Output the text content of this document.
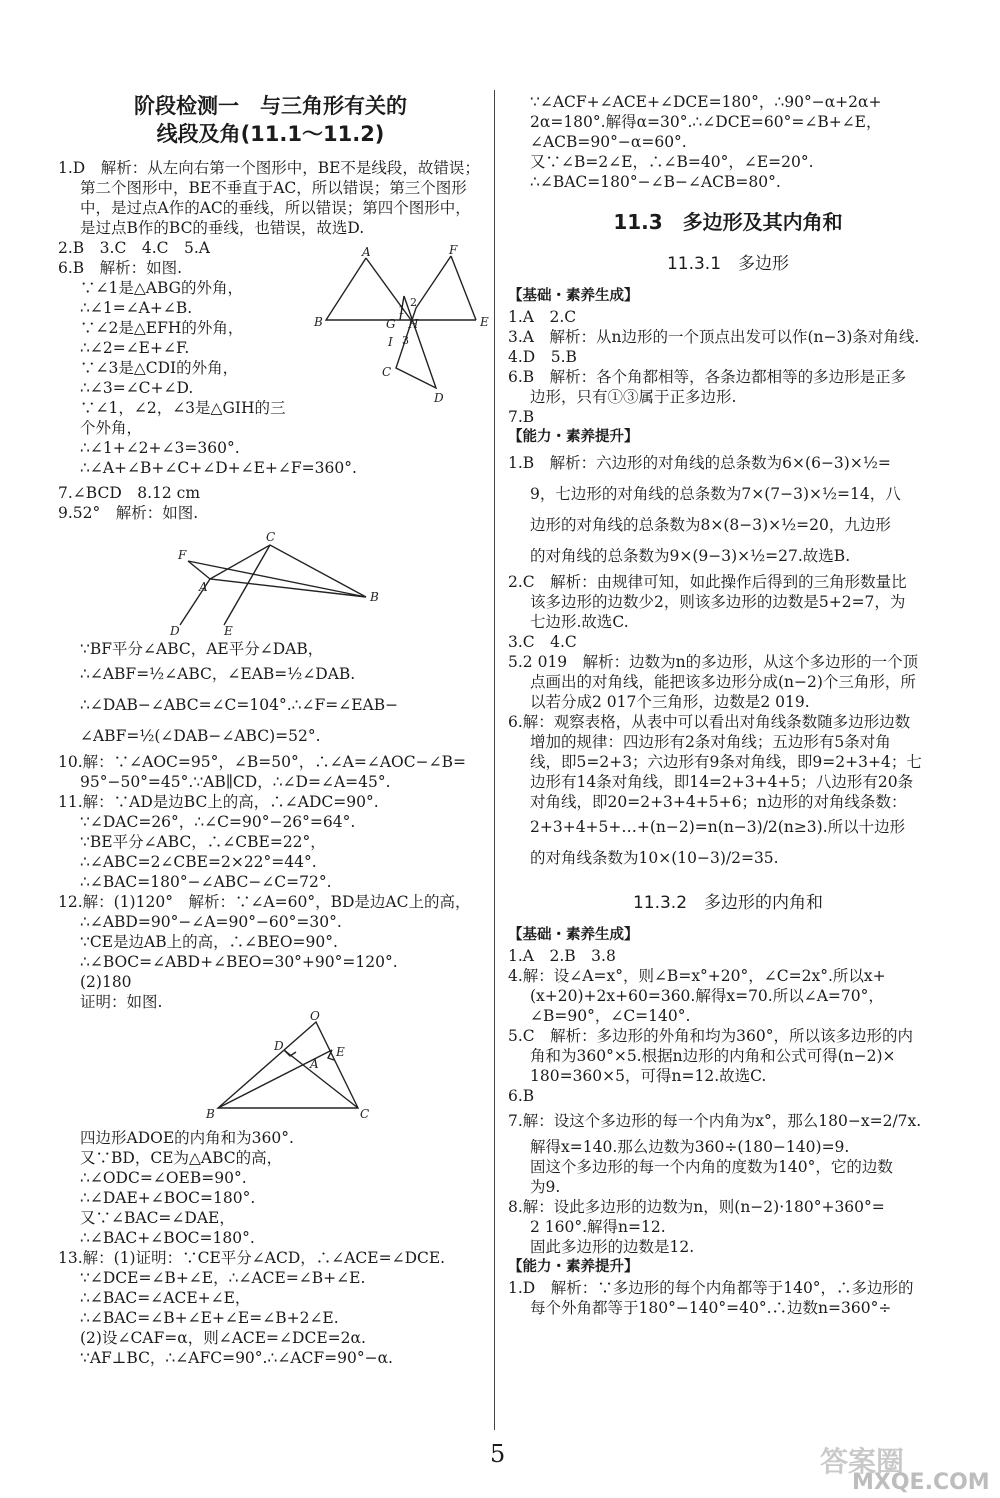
阶段检测一　与三角形有关的
线段及角(11.1～11.2)
1.D　解析：从左向右第一个图形中，BE不是线段，故错误；
第二个图形中，BE不垂直于AC，所以错误；第三个图形
中，是过点A作的AC的垂线，所以错误；第四个图形中，
是过点B作的BC的垂线，也错误，故选D.
2.B　3.C　4.C　5.A
6.B　解析：如图.
∵∠1是△ABG的外角，
∴∠1=∠A+∠B.
∵∠2是△EFH的外角，
∴∠2=∠E+∠F.
∵∠3是△CDI的外角，
∴∠3=∠C+∠D.
∵∠1，∠2，∠3是△GIH的三
个外角，
∴∠1+∠2+∠3=360°.
∴∠A+∠B+∠C+∠D+∠E+∠F=360°.
A	F
B	G H	E
I
C
D
1
2
3
7.∠BCD　8.12 cm
9.52°　解析：如图.
F
C
A
B
D	E
∵BF平分∠ABC，AE平分∠DAB，
∴∠ABF=½∠ABC，∠EAB=½∠DAB.
∴∠DAB−∠ABC=∠C=104°.∴∠F=∠EAB−
∠ABF=½(∠DAB−∠ABC)=52°.
10.解：∵∠AOC=95°，∠B=50°，∴∠A=∠AOC−∠B=
95°−50°=45°.∵AB∥CD，∴∠D=∠A=45°.
11.解：∵AD是边BC上的高，∴∠ADC=90°.
∵∠DAC=26°，∴∠C=90°−26°=64°.
∵BE平分∠ABC，∴∠CBE=22°，
∴∠ABC=2∠CBE=2×22°=44°.
∴∠BAC=180°−∠ABC−∠C=72°.
12.解：(1)120°　解析：∵∠A=60°，BD是边AC上的高，
∴∠ABD=90°−∠A=90°−60°=30°.
∵CE是边AB上的高，∴∠BEO=90°.
∴∠BOC=∠ABD+∠BEO=30°+90°=120°.
(2)180
证明：如图.
O
D
A
E
B	C
四边形ADOE的内角和为360°.
又∵BD，CE为△ABC的高，
∴∠ODC=∠OEB=90°.
∴∠DAE+∠BOC=180°.
又∵∠BAC=∠DAE，
∴∠BAC+∠BOC=180°.
13.解：(1)证明：∵CE平分∠ACD，∴∠ACE=∠DCE.
∵∠DCE=∠B+∠E，∴∠ACE=∠B+∠E.
∴∠BAC=∠ACE+∠E，
∴∠BAC=∠B+∠E+∠E=∠B+2∠E.
(2)设∠CAF=α，则∠ACE=∠DCE=2α.
∵AF⊥BC，∴∠AFC=90°.∴∠ACF=90°−α.
∵∠ACF+∠ACE+∠DCE=180°，∴90°−α+2α+
2α=180°.解得α=30°.∴∠DCE=60°=∠B+∠E，
∠ACB=90°−α=60°.
又∵∠B=2∠E，∴∠B=40°，∠E=20°.
∴∠BAC=180°−∠B−∠ACB=80°.
11.3　多边形及其内角和
11.3.1　多边形
【基础・素养生成】
1.A　2.C
3.A　解析：从n边形的一个顶点出发可以作(n−3)条对角线.
4.D　5.B
6.B　解析：各个角都相等，各条边都相等的多边形是正多
边形，只有①③属于正多边形.
7.B
【能力・素养提升】
1.B　解析：六边形的对角线的总条数为6×(6−3)×½=
9，七边形的对角线的总条数为7×(7−3)×½=14，八
边形的对角线的总条数为8×(8−3)×½=20，九边形
的对角线的总条数为9×(9−3)×½=27.故选B.
2.C　解析：由规律可知，如此操作后得到的三角形数量比
该多边形的边数少2，则该多边形的边数是5+2=7，为
七边形.故选C.
3.C　4.C
5.2 019　解析：边数为n的多边形，从这个多边形的一个顶
点画出的对角线，能把该多边形分成(n−2)个三角形，所
以若分成2 017个三角形，边数是2 019.
6.解：观察表格，从表中可以看出对角线条数随多边形边数
增加的规律：四边形有2条对角线；五边形有5条对角
线，即5=2+3；六边形有9条对角线，即9=2+3+4；七
边形有14条对角线，即14=2+3+4+5；八边形有20条
对角线，即20=2+3+4+5+6；n边形的对角线条数：
2+3+4+5+…+(n−2)=n(n−3)/2(n≥3).所以十边形
的对角线条数为10×(10−3)/2=35.
11.3.2　多边形的内角和
【基础・素养生成】
1.A　2.B　3.8
4.解：设∠A=x°，则∠B=x°+20°，∠C=2x°.所以x+
(x+20)+2x+60=360.解得x=70.所以∠A=70°，
∠B=90°，∠C=140°.
5.C　解析：多边形的外角和均为360°，所以该多边形的内
角和为360°×5.根据n边形的内角和公式可得(n−2)×
180=360×5，可得n=12.故选C.
6.B
7.解：设这个多边形的每一个内角为x°，那么180−x=2/7x.
解得x=140.那么边数为360÷(180−140)=9.
固这个多边形的每一个内角的度数为140°，它的边数
为9.
8.解：设此多边形的边数为n，则(n−2)·180°+360°=
2 160°.解得n=12.
固此多边形的边数是12.
【能力・素养提升】
1.D　解析：∵多边形的每个内角都等于140°，∴多边形的
每个外角都等于180°−140°=40°.∴边数n=360°÷
5	答案圈
MXQE.COM
